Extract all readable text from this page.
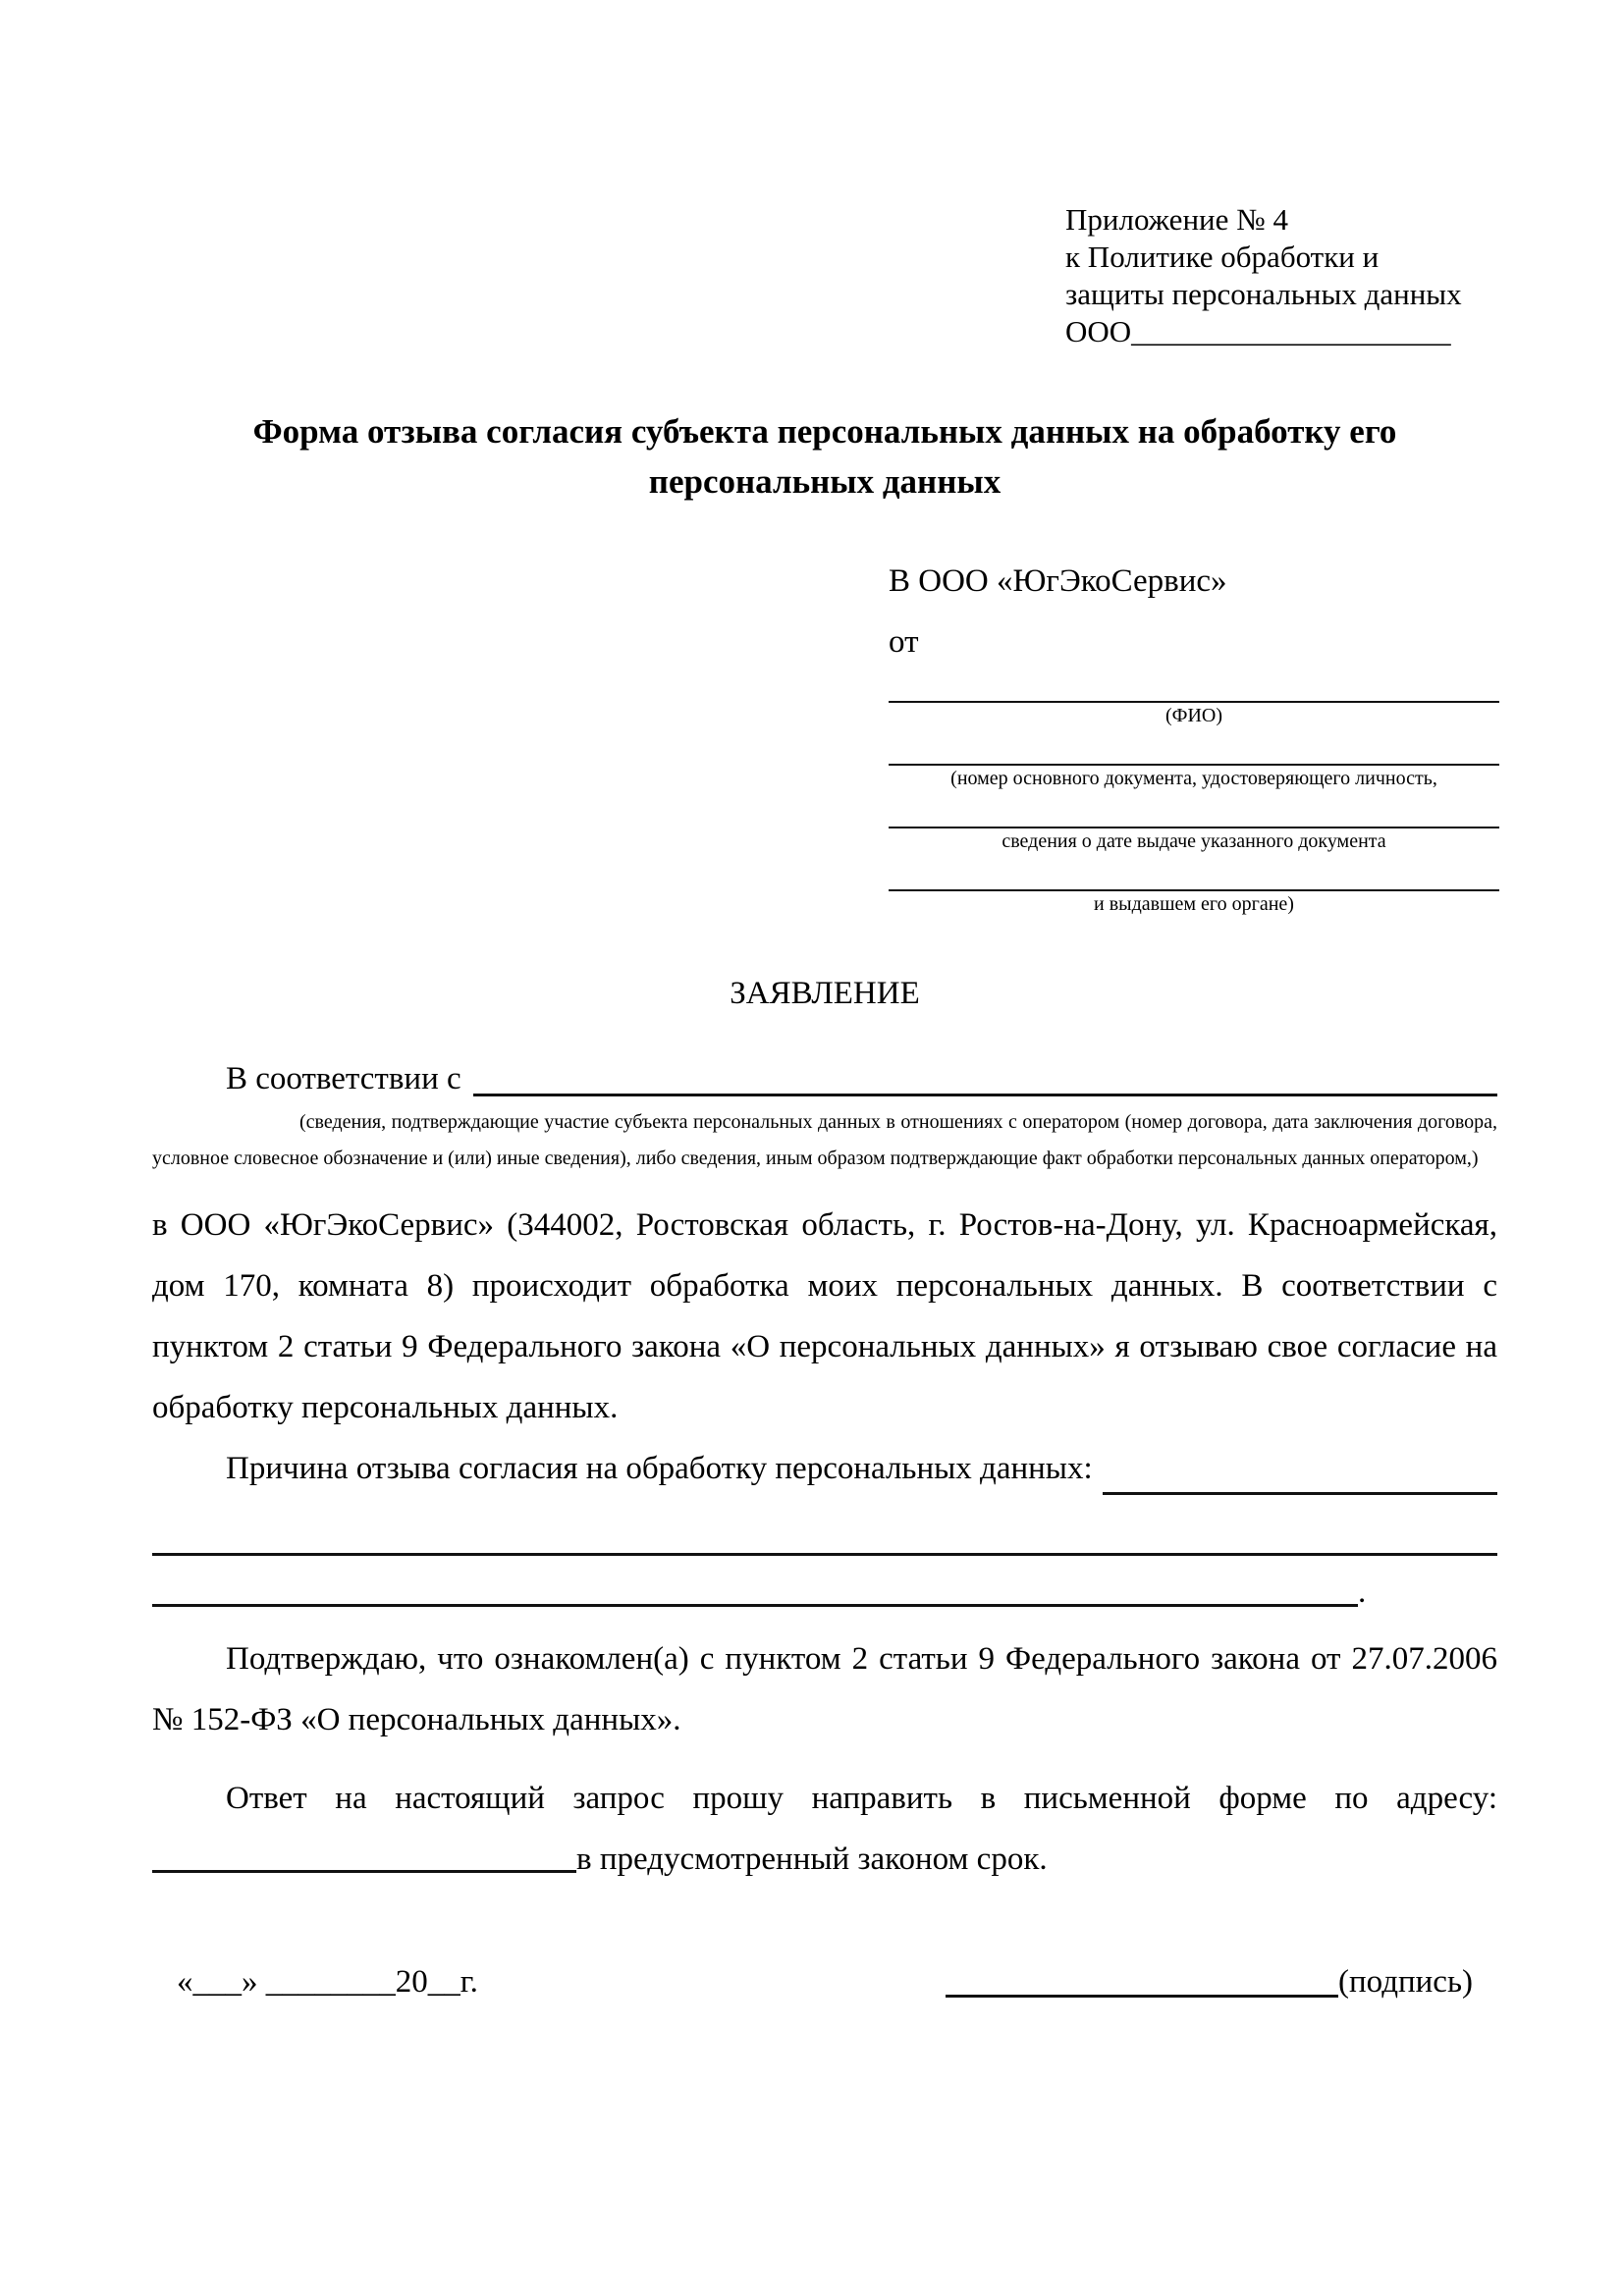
Приложение № 4
к Политике обработки и
защиты персональных данных
ООО_____________________
Форма отзыва согласия субъекта персональных данных на обработку его персональных данных
В ООО «ЮгЭкоСервис»
от
(ФИО)
(номер основного документа, удостоверяющего личность,
сведения о дате выдаче указанного документа
и выдавшем его органе)
ЗАЯВЛЕНИЕ
В соответствии с
(сведения, подтверждающие участие субъекта персональных данных в отношениях с оператором (номер договора, дата заключения договора, условное словесное обозначение и (или) иные сведения), либо сведения, иным образом подтверждающие факт обработки персональных данных оператором,)
в ООО «ЮгЭкоСервис» (344002, Ростовская область, г. Ростов-на-Дону, ул. Красноармейская, дом 170, комната 8) происходит обработка моих персональных данных. В соответствии с пунктом 2 статьи 9 Федерального закона «О персональных данных» я отзываю свое согласие на обработку персональных данных.
Причина отзыва согласия на обработку персональных данных:
.
Подтверждаю, что ознакомлен(а) с пунктом 2 статьи 9 Федерального закона от 27.07.2006 № 152-ФЗ «О персональных данных».
Ответ на настоящий запрос прошу направить в письменной форме по адресу: в предусмотренный законом срок.
«___» ________20__г.	(подпись)
